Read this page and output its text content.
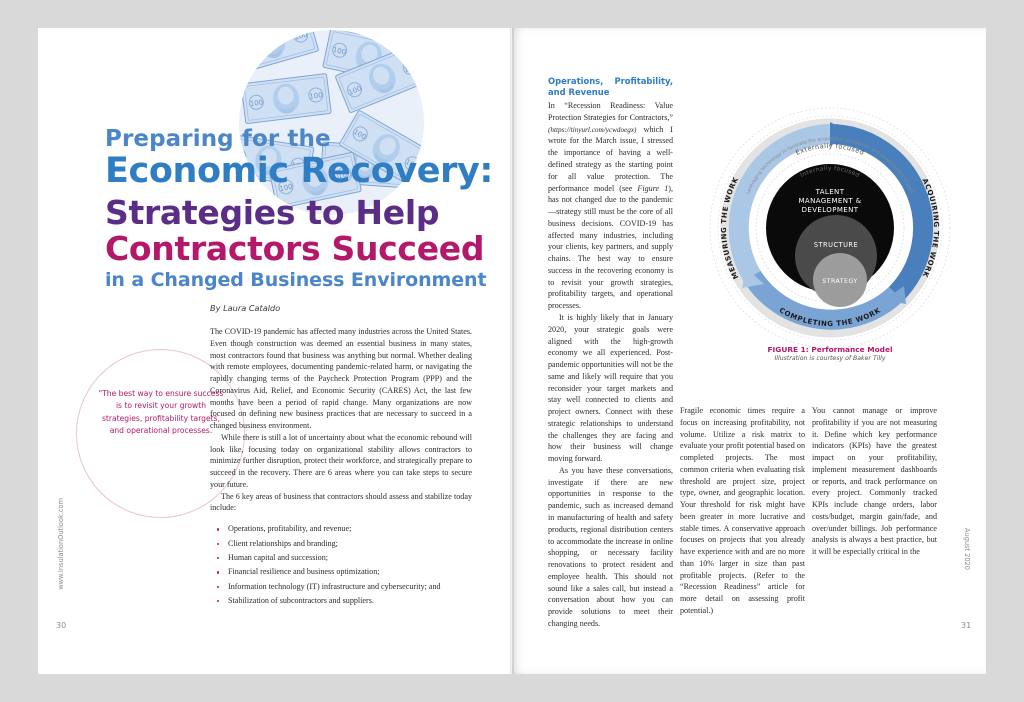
Preparing for the
Economic Recovery:
Strategies to Help
Contractors Succeed
in a Changed Business Environment
By Laura Cataldo
"The best way to ensure success is to revisit your growth strategies, profitability targets, and operational processes.

The COVID-19 pandemic has affected many industries across the United States. Even though construction was deemed an essential business in many states, most contractors found that business was anything but normal. Whether dealing with remote employees, documenting pandemic-related harm, or navigating the rapidly changing terms of the Paycheck Protection Program (PPP) and the Coronavirus Aid, Relief, and Economic Security (CARES) Act, the last few months have been a period of rapid change. Many organizations are now focused on defining new business practices that are necessary to succeed in a changed business environment.

While there is still a lot of uncertainty about what the economic rebound will look like, focusing today on organizational stability allows contractors to minimize further disruption, protect their workforce, and strategically prepare to succeed in the recovery. There are 6 areas where you can take steps to secure your future.

The 6 key areas of business that contractors should assess and stabilize today include:

Operations, profitability, and revenue;
Client relationships and branding;
Human capital and succession;
Financial resilience and business optimization;
Information technology (IT) infrastructure and cybersecurity; and
Stabilization of subcontractors and suppliers.
Operations, Profitability, and Revenue

In “Recession Readiness: Value Protection Strategies for Contractors,” (https://tinyurl.com/ycwdoegx) which I wrote for the March issue, I stressed the importance of having a well-defined strategy as the starting point for all value protection. The performance model (see Figure 1), has not changed due to the pandemic—strategy still must be the core of all business decisions. COVID-19 has affected many industries, including your clients, key partners, and supply chains. The best way to ensure success in the recovering economy is to revisit your growth strategies, profitability targets, and operational processes.

It is highly likely that in January 2020, your strategic goals were aligned with the high-growth economy we all experienced. Post-pandemic opportunities will not be the same and likely will require that you reconsider your target markets and stay well connected to clients and project owners. Connect with these strategic relationships to understand the challenges they are facing and how their business will change moving forward.

As you have these conversations, investigate if there are new opportunities in response to the pandemic, such as increased demand in manufacturing of health and safety products, regional distribution centers to accommodate the increase in online shopping, or necessary facility renovations to protect resident and employee health. This should not sound like a sales call, but instead a conversation about how you can provide solutions to meet their changing needs.

Fragile economic times require a focus on increasing profitability, not volume. Utilize a risk matrix to evaluate your profit potential based on completed projects. The most common criteria when evaluating risk threshold are project size, project type, owner, and geographic location. Your threshold for risk might have been greater in more lucrative and stable times. A conservative approach focuses on projects that you already have experience with and are no more than 10% larger in size than past profitable projects. (Refer to the “Recession Readiness” article for more detail on assessing profit potential.)

You cannot manage or improve profitability if you are not measuring it. Define which key performance indicators (KPIs) have the greatest impact on your profitability, implement measurement dashboards or reports, and track performance on every project. Commonly tracked KPIs include change orders, labor costs/budget, margin gain/fade, and over/under billings. Job performance analysis is always a best practice, but it will be especially critical in the

TALENT
MANAGEMENT &
DEVELOPMENT
STRUCTURE
STRATEGY
Externally focused
Leveraging technology to facilitate the acquisition, completion and measurement of work
Internally focused
MEASURING THE WORK	ACQUIRING THE WORK
COMPLETING THE WORK
FIGURE 1: Performance Model
Illustration is courtesy of Baker Tilly
www.InsulationOutlook.com
30
August 2020
31
